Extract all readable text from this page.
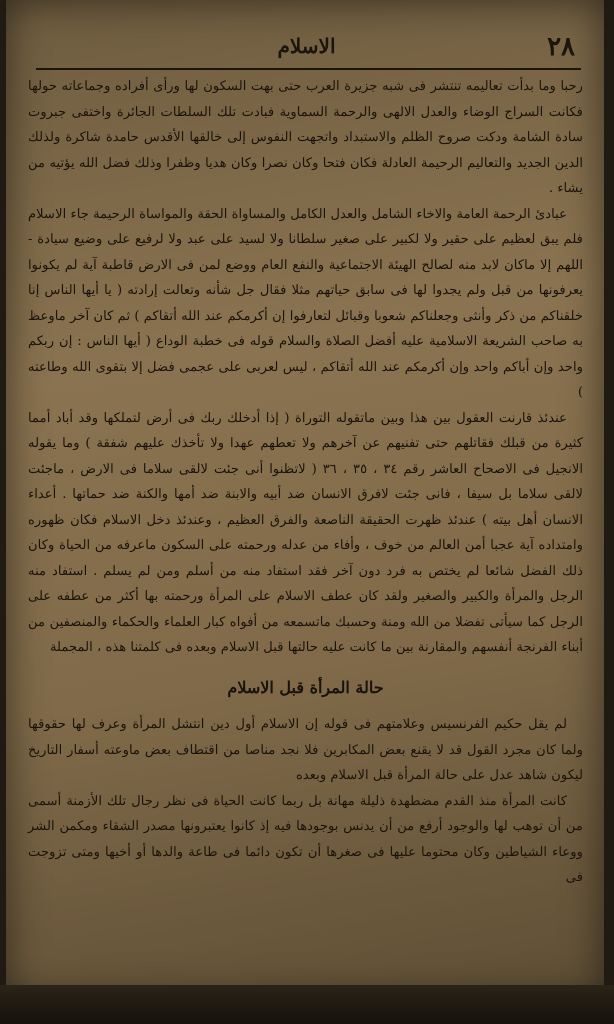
٢٨
الاسلام

رحبا وما بدأت تعاليمه تنتشر فى شبه جزيرة العرب حتى بهت السكون لها ورأى أفراده وجماعاته حولها فكانت السراج الوضاء والعدل الالهى والرحمة السماوية فبادت تلك السلطات الجائرة واختفى جبروت سادة الشامة ودكت صروح الظلم والاستبداد واتجهت النفوس إلى خالقها الأقدس حامدة شاكرة ولذلك الدين الجديد والتعاليم الرحيمة العادلة فكان فتحا وكان نصرا وكان هديا وظفرا وذلك فضل الله يؤتيه من يشاء .

عبادئ الرحمة العامة والاخاء الشامل والعدل الكامل والمساواة الحقة والمواساة الرحيمة جاء الاسلام فلم يبق لعظيم على حقير ولا لكبير على صغير سلطانا ولا لسيد على عبد ولا لرفيع على وضيع سيادة - اللهم إلا ماكان لابد منه لصالح الهيئة الاجتماعية والنفع العام ووضع لمن فى الارض قاطبة آية لم يكونوا يعرفونها من قبل ولم يجدوا لها فى سابق حياتهم مثلا فقال جل شأنه وتعالت إرادته ( يا أيها الناس إنا خلقناكم من ذكر وأنثى وجعلناكم شعوبا وقبائل لتعارفوا إن أكرمكم عند الله أتقاكم ) ثم كان آخر ماوعظ به صاحب الشريعة الاسلامية عليه أفضل الصلاة والسلام قوله فى خطبة الوداع ( أيها الناس : إن ربكم واحد وإن أباكم واحد وإن أكرمكم عند الله أتقاكم ، ليس لعربى على عجمى فضل إلا بتقوى الله وطاعته )

عندئذ قارنت العقول بين هذا وبين ماتقوله التوراة ( إذا أدخلك ربك فى أرض لتملكها وقد أباد أمما كثيرة من قبلك فقاتلهم حتى تفنيهم عن آخرهم ولا تعطهم عهدا ولا تأخذك عليهم شفقة ) وما يقوله الانجيل فى الاصحاح العاشر رقم ٣٤ ، ٣٥ ، ٣٦ ( لاتظنوا أنى جئت لالقى سلاما فى الارض ، ماجئت لالقى سلاما بل سيفا ، فانى جئت لافرق الانسان ضد أبيه والابنة ضد أمها والكنة ضد حماتها . أعداء الانسان أهل بيته ) عندئذ ظهرت الحقيقة الناصعة والفرق العظيم ، وعندئذ دخل الاسلام فكان ظهوره وامتداده آية عجبا أمن العالم من خوف ، وأفاء من عدله ورحمته على السكون ماعرفه من الحياة وكان ذلك الفضل شائعا لم يختص به فرد دون آخر فقد استفاد منه من أسلم ومن لم يسلم . استفاد منه الرجل والمرأة والكبير والصغير ولقد كان عطف الاسلام على المرأة ورحمته بها أكثر من عطفه على الرجل كما سيأتى تفضلا من الله ومنة وحسبك ماتسمعه من أفواه كبار العلماء والحكماء والمنصفين من أبناء الفرنجة أنفسهم والمقارنة بين ما كانت عليه حالتها قبل الاسلام وبعده فى كلمتنا هذه ، المجملة

حالة المرأة قبل الاسلام

لم يقل حكيم الفرنسيس وعلامتهم فى قوله إن الاسلام أول دين انتشل المرأة وعرف لها حقوقها ولما كان مجرد القول قد لا يقنع بعض المكابرين فلا نجد مناصا من اقتطاف بعض ماوعته أسفار التاريخ ليكون شاهد عدل على حالة المرأة قبل الاسلام وبعده

كانت المرأة منذ القدم مضطهدة ذليلة مهانة بل ربما كانت الحياة فى نظر رجال تلك الأزمنة أسمى من أن توهب لها والوجود أرفع من أن يدنس بوجودها فيه إذ كانوا يعتبرونها مصدر الشقاء ومكمن الشر ووعاء الشياطين وكان محتوما عليها فى صغرها أن تكون دائما فى طاعة والدها أو أخيها ومتى تزوجت فى
